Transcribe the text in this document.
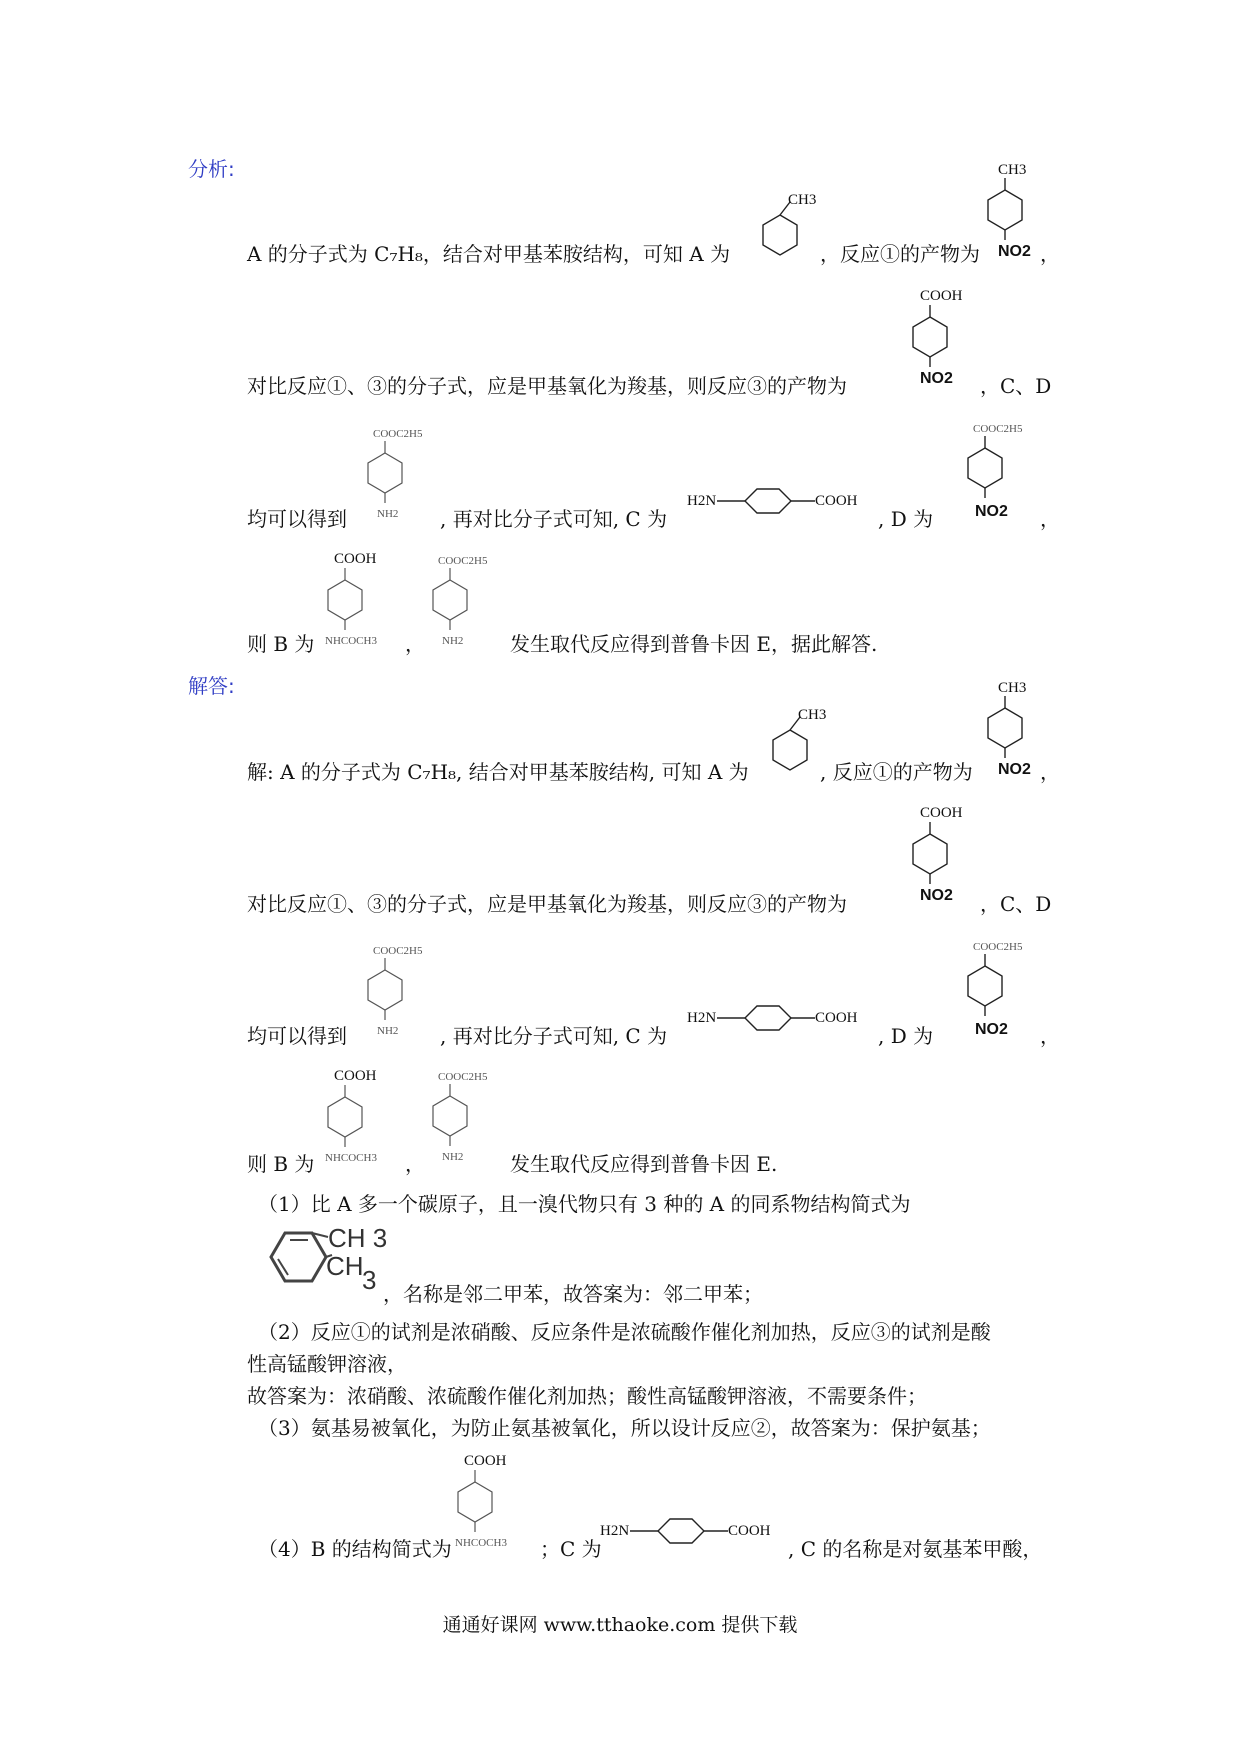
分析:
A 的分子式为 C₇H₈，结合对甲基苯胺结构，可知 A 为
CH3
，反应①的产物为
CH3
NO2 ，
对比反应①、③的分子式，应是甲基氧化为羧基，则反应③的产物为
COOH
NO2 ，C、D
均可以得到
COOC2H5
NH2 , 再对比分子式可知, C 为
H2N	COOH
, D 为
COOC2H5
NO2 ，
则 B 为
COOH
NHCOCH3 ，
COOC2H5
NH2 发生取代反应得到普鲁卡因 E，据此解答.
解答:
解: A 的分子式为 C₇H₈, 结合对甲基苯胺结构, 可知 A 为
CH3
, 反应①的产物为
CH3
NO2 ，
对比反应①、③的分子式，应是甲基氧化为羧基，则反应③的产物为
COOH
NO2 ，C、D
均可以得到
COOC2H5
NH2 , 再对比分子式可知, C 为
H2N	COOH
, D 为
COOC2H5
NO2 ，
则 B 为
COOH
NHCOCH3 ，
COOC2H5
NH2 发生取代反应得到普鲁卡因 E.
（1）比 A 多一个碳原子，且一溴代物只有 3 种的 A 的同系物结构简式为
CH 3
CH
3 ，名称是邻二甲苯，故答案为：邻二甲苯；
（2）反应①的试剂是浓硝酸、反应条件是浓硫酸作催化剂加热，反应③的试剂是酸
性高锰酸钾溶液，
故答案为：浓硝酸、浓硫酸作催化剂加热；酸性高锰酸钾溶液，不需要条件；
（3）氨基易被氧化，为防止氨基被氧化，所以设计反应②，故答案为：保护氨基；
（4）B 的结构简式为
COOH
NHCOCH3 ；C 为
H2N	COOH
, C 的名称是对氨基苯甲酸，
通通好课网 www.tthaoke.com 提供下载
